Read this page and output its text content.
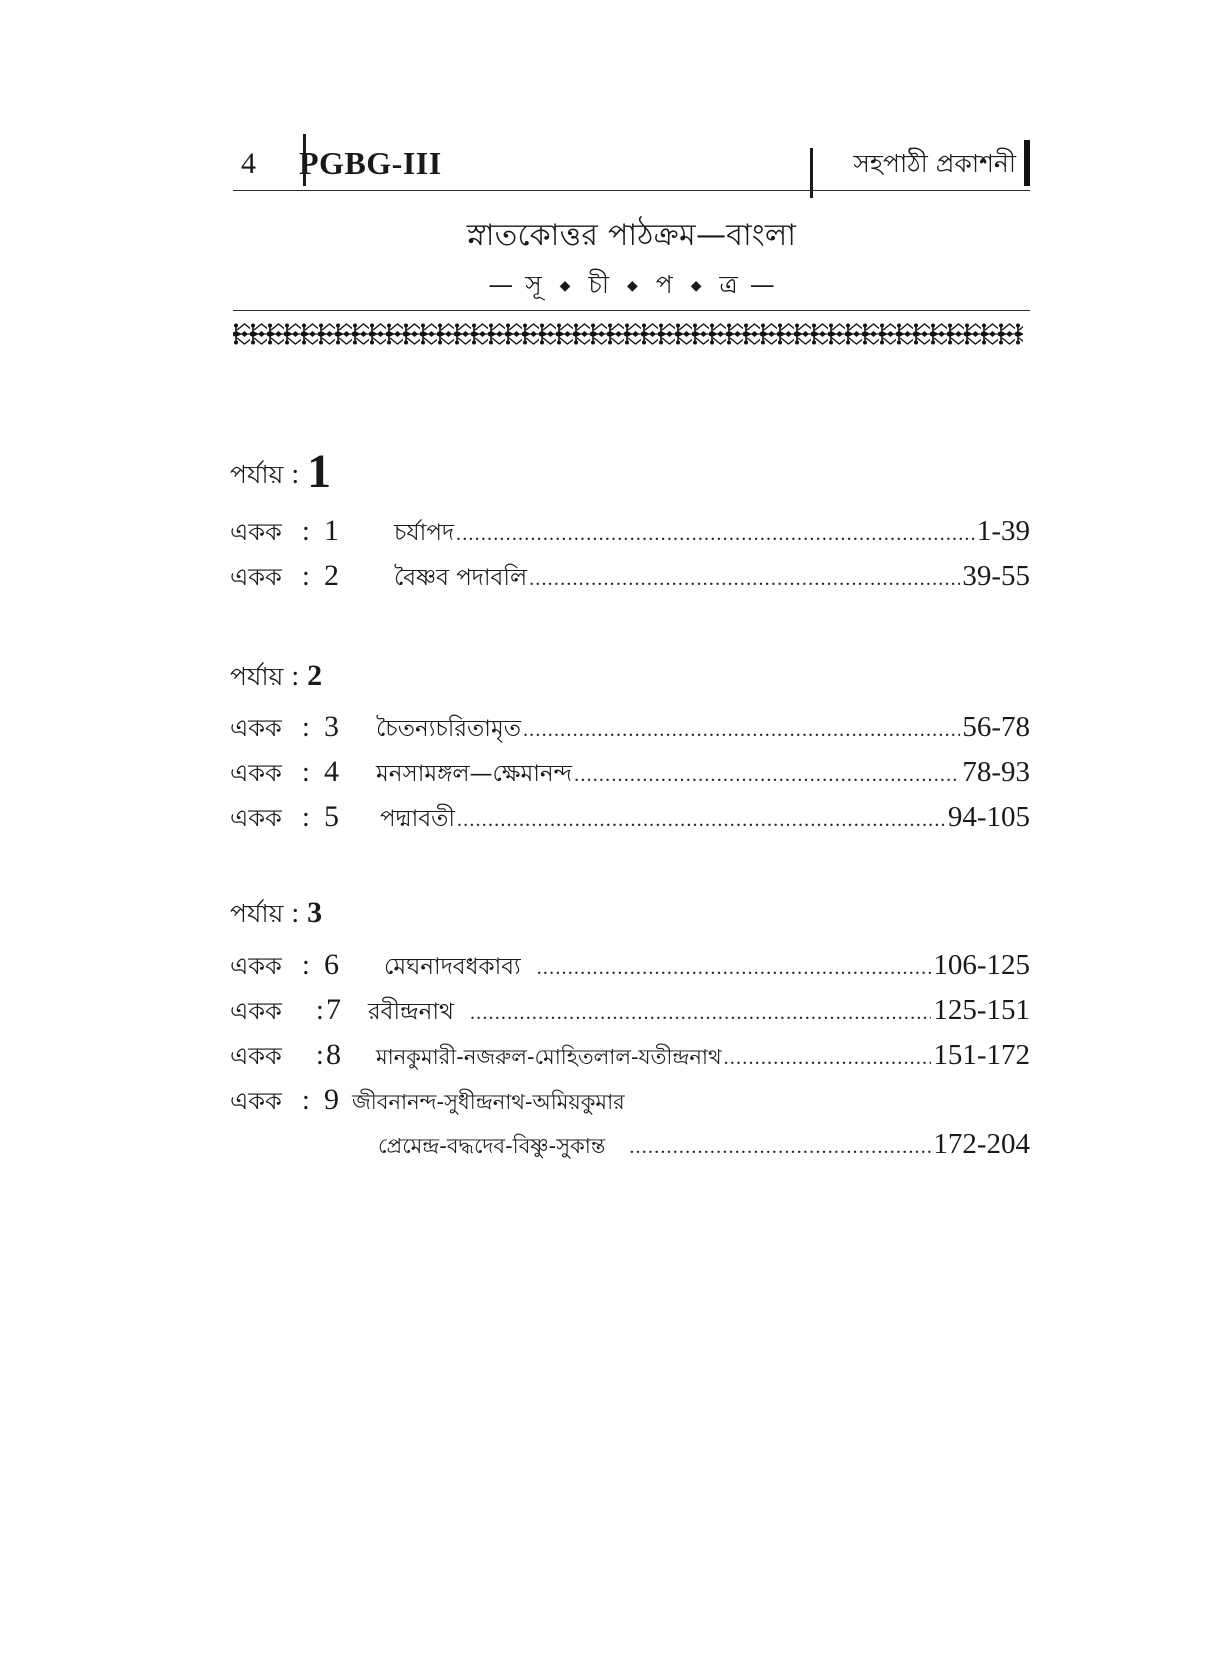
4 PGBG-III	সহপাঠী প্রকাশনী
স্নাতকোত্তর পাঠক্রম—বাংলা
— সূ ◆ চী ◆ প ◆ ত্র —
পর্যায় : 1
একক : 1	চর্যাপদ .....	1-39
একক : 2	বৈষ্ণব পদাবলি .....	39-55
পর্যায় : 2
একক : 3	চৈতন্যচরিতামৃত .....	56-78
একক : 4	মনসামঙ্গল—ক্ষেমানন্দ .....	78-93
একক : 5	পদ্মাবতী .....	94-105
পর্যায় : 3
একক : 6	মেঘনাদবধকাব্য .....	106-125
একক	: 7	রবীন্দ্রনাথ .....	125-151
একক	: 8	মানকুমারী-নজরুল-মোহিতলাল-যতীন্দ্রনাথ .....	151-172
একক : 9 জীবনানন্দ-সুধীন্দ্রনাথ-অমিয়কুমার
প্রেমেন্দ্র-বদ্ধদেব-বিষ্ণু-সুকান্ত .....	172-204
